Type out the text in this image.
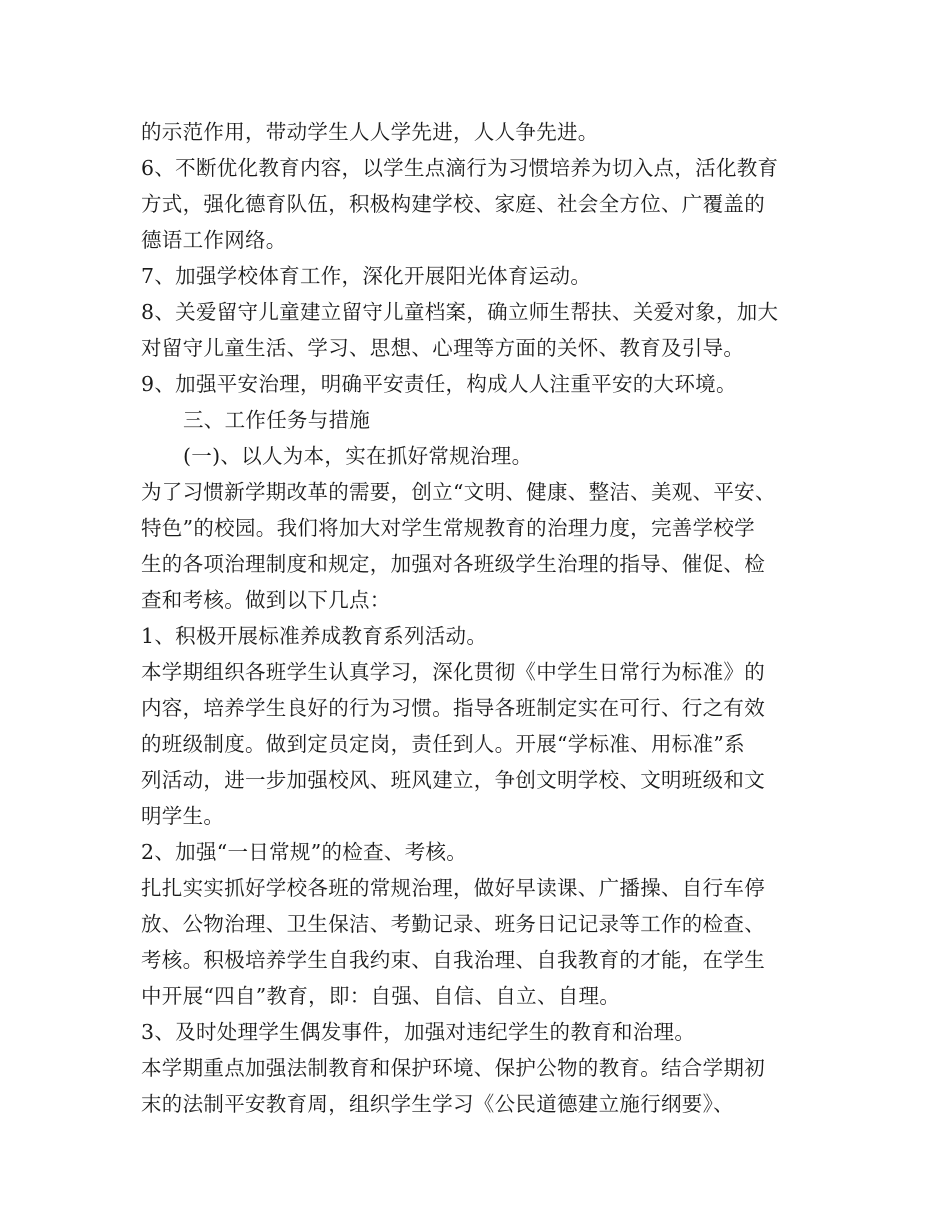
的示范作用，带动学生人人学先进，人人争先进。
6、不断优化教育内容，以学生点滴行为习惯培养为切入点，活化教育
方式，强化德育队伍，积极构建学校、家庭、社会全方位、广覆盖的
德语工作网络。
7、加强学校体育工作，深化开展阳光体育运动。
8、关爱留守儿童建立留守儿童档案，确立师生帮扶、关爱对象，加大
对留守儿童生活、学习、思想、心理等方面的关怀、教育及引导。
9、加强平安治理，明确平安责任，构成人人注重平安的大环境。
三、工作任务与措施
(一)、以人为本，实在抓好常规治理。
为了习惯新学期改革的需要，创立“文明、健康、整洁、美观、平安、
特色”的校园。我们将加大对学生常规教育的治理力度，完善学校学
生的各项治理制度和规定，加强对各班级学生治理的指导、催促、检
查和考核。做到以下几点：
1、积极开展标准养成教育系列活动。
本学期组织各班学生认真学习，深化贯彻《中学生日常行为标准》的
内容，培养学生良好的行为习惯。指导各班制定实在可行、行之有效
的班级制度。做到定员定岗，责任到人。开展“学标准、用标准”系
列活动，进一步加强校风、班风建立，争创文明学校、文明班级和文
明学生。
2、加强“一日常规”的检查、考核。
扎扎实实抓好学校各班的常规治理，做好早读课、广播操、自行车停
放、公物治理、卫生保洁、考勤记录、班务日记记录等工作的检查、
考核。积极培养学生自我约束、自我治理、自我教育的才能，在学生
中开展“四自”教育，即：自强、自信、自立、自理。
3、及时处理学生偶发事件，加强对违纪学生的教育和治理。
本学期重点加强法制教育和保护环境、保护公物的教育。结合学期初
末的法制平安教育周，组织学生学习《公民道德建立施行纲要》、
